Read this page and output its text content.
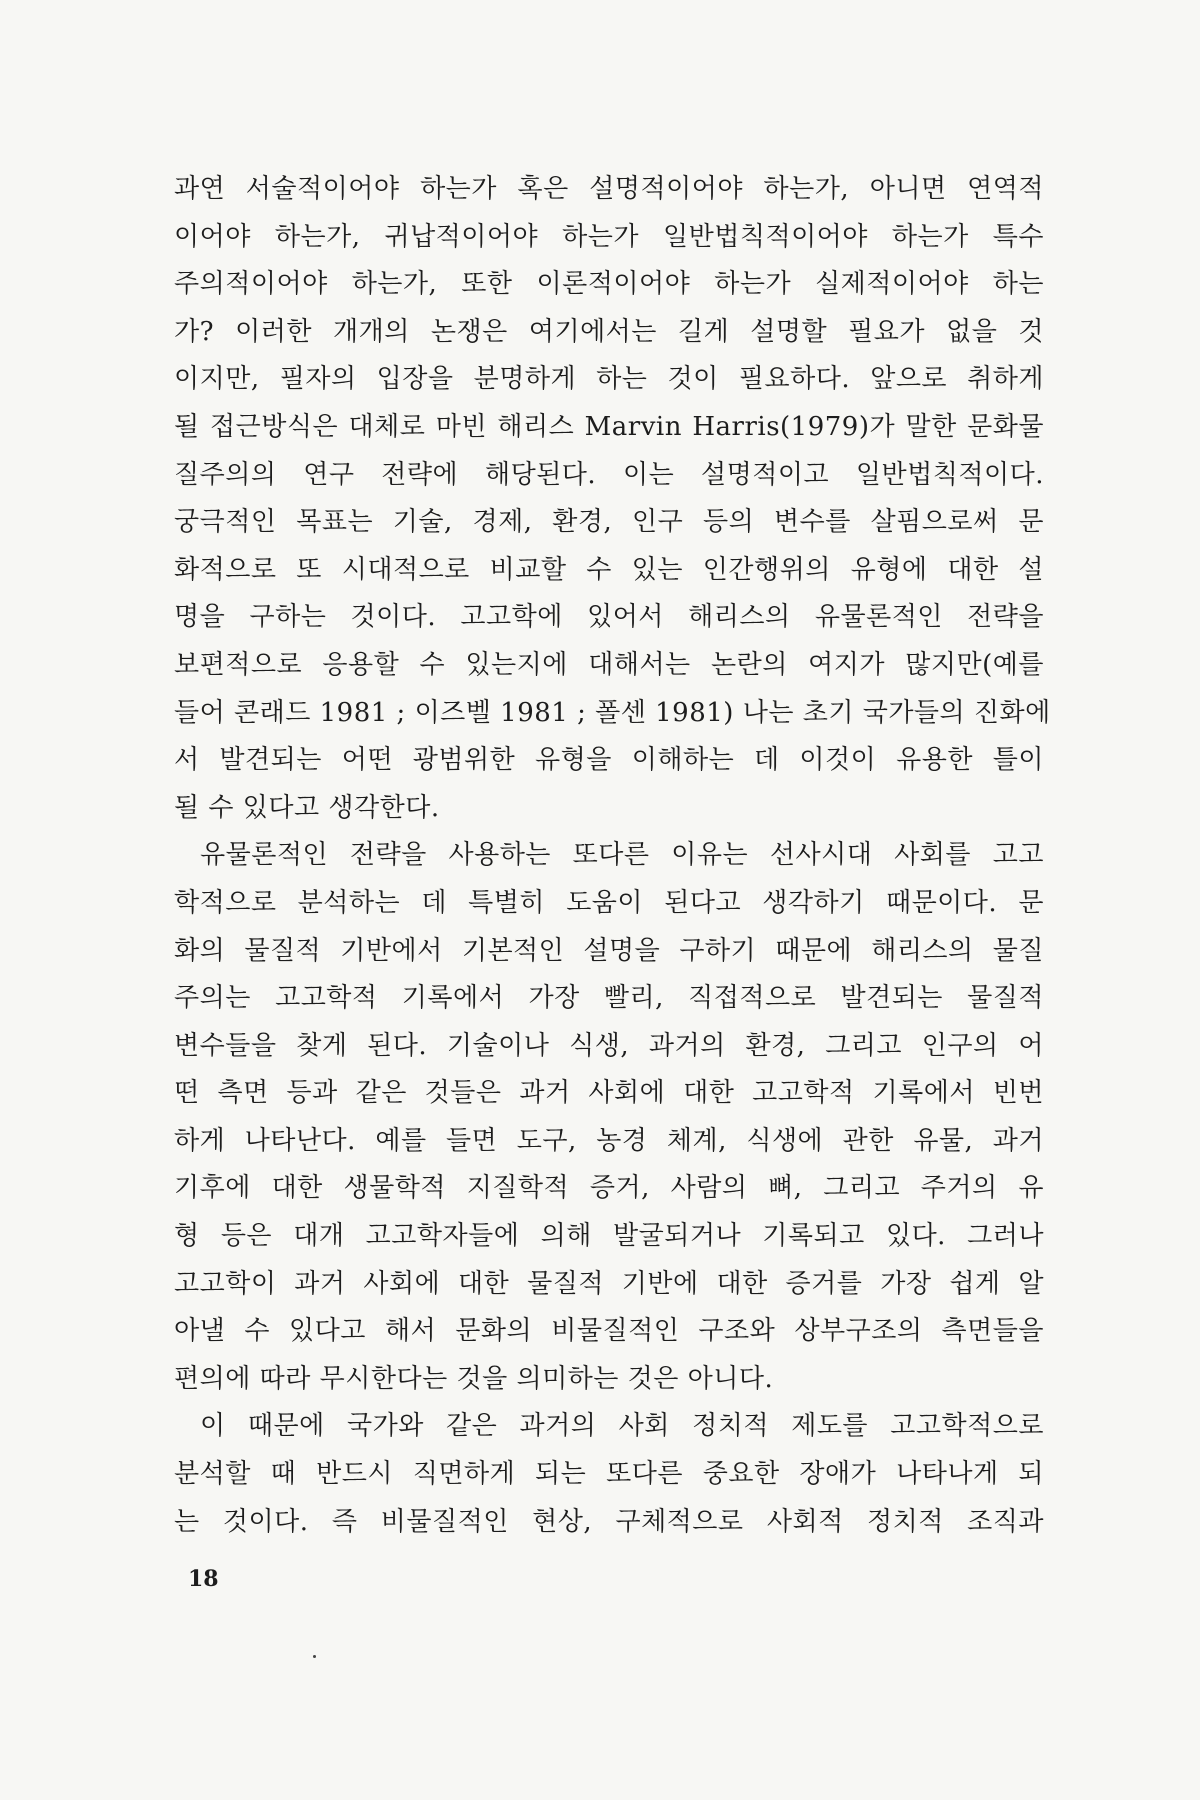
과연 서술적이어야 하는가 혹은 설명적이어야 하는가, 아니면 연역적
이어야 하는가, 귀납적이어야 하는가 일반법칙적이어야 하는가 특수
주의적이어야 하는가, 또한 이론적이어야 하는가 실제적이어야 하는
가? 이러한 개개의 논쟁은 여기에서는 길게 설명할 필요가 없을 것
이지만, 필자의 입장을 분명하게 하는 것이 필요하다. 앞으로 취하게
될 접근방식은 대체로 마빈 해리스 Marvin Harris(1979)가 말한 문화물
질주의의 연구 전략에 해당된다. 이는 설명적이고 일반법칙적이다.
궁극적인 목표는 기술, 경제, 환경, 인구 등의 변수를 살핌으로써 문
화적으로 또 시대적으로 비교할 수 있는 인간행위의 유형에 대한 설
명을 구하는 것이다. 고고학에 있어서 해리스의 유물론적인 전략을
보편적으로 응용할 수 있는지에 대해서는 논란의 여지가 많지만(예를
들어 콘래드 1981 ; 이즈벨 1981 ; 폴센 1981) 나는 초기 국가들의 진화에
서 발견되는 어떤 광범위한 유형을 이해하는 데 이것이 유용한 틀이
될 수 있다고 생각한다.
유물론적인 전략을 사용하는 또다른 이유는 선사시대 사회를 고고
학적으로 분석하는 데 특별히 도움이 된다고 생각하기 때문이다. 문
화의 물질적 기반에서 기본적인 설명을 구하기 때문에 해리스의 물질
주의는 고고학적 기록에서 가장 빨리, 직접적으로 발견되는 물질적
변수들을 찾게 된다. 기술이나 식생, 과거의 환경, 그리고 인구의 어
떤 측면 등과 같은 것들은 과거 사회에 대한 고고학적 기록에서 빈번
하게 나타난다. 예를 들면 도구, 농경 체계, 식생에 관한 유물, 과거
기후에 대한 생물학적 지질학적 증거, 사람의 뼈, 그리고 주거의 유
형 등은 대개 고고학자들에 의해 발굴되거나 기록되고 있다. 그러나
고고학이 과거 사회에 대한 물질적 기반에 대한 증거를 가장 쉽게 알
아낼 수 있다고 해서 문화의 비물질적인 구조와 상부구조의 측면들을
편의에 따라 무시한다는 것을 의미하는 것은 아니다.
이 때문에 국가와 같은 과거의 사회 정치적 제도를 고고학적으로
분석할 때 반드시 직면하게 되는 또다른 중요한 장애가 나타나게 되
는 것이다. 즉 비물질적인 현상, 구체적으로 사회적 정치적 조직과
18
